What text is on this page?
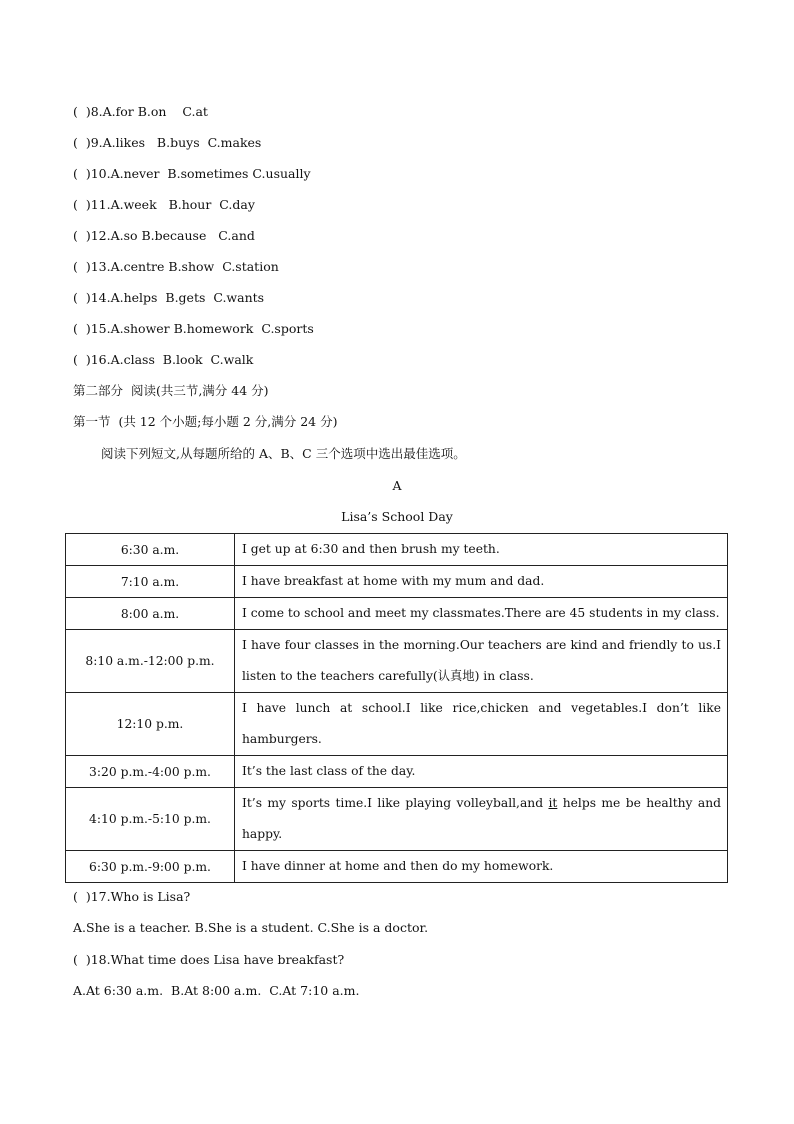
(  )8.A.for B.on    C.at
(  )9.A.likes   B.buys  C.makes
(  )10.A.never  B.sometimes C.usually
(  )11.A.week   B.hour  C.day
(  )12.A.so B.because   C.and
(  )13.A.centre B.show  C.station
(  )14.A.helps  B.gets  C.wants
(  )15.A.shower B.homework  C.sports
(  )16.A.class  B.look  C.walk
第二部分  阅读(共三节,满分 44 分)
第一节  (共 12 个小题;每小题 2 分,满分 24 分)
阅读下列短文,从每题所给的 A、B、C 三个选项中选出最佳选项。
A
Lisa’s School Day
6:30 a.m.	I get up at 6:30 and then brush my teeth.
7:10 a.m.	I have breakfast at home with my mum and dad.
8:00 a.m.	I come to school and meet my classmates.There are 45 students in my class.
8:10 a.m.-12:00 p.m.	I have four classes in the morning.Our teachers are kind and friendly to us.I listen to the teachers carefully(认真地) in class.
12:10 p.m.	I have lunch at school.I like rice,chicken and vegetables.I don’t like hamburgers.
3:20 p.m.-4:00 p.m.	It’s the last class of the day.
4:10 p.m.-5:10 p.m.	It’s my sports time.I like playing volleyball,and it helps me be healthy and happy.
6:30 p.m.-9:00 p.m.	I have dinner at home and then do my homework.
(  )17.Who is Lisa?
A.She is a teacher. B.She is a student. C.She is a doctor.
(  )18.What time does Lisa have breakfast?
A.At 6:30 a.m.  B.At 8:00 a.m.  C.At 7:10 a.m.
